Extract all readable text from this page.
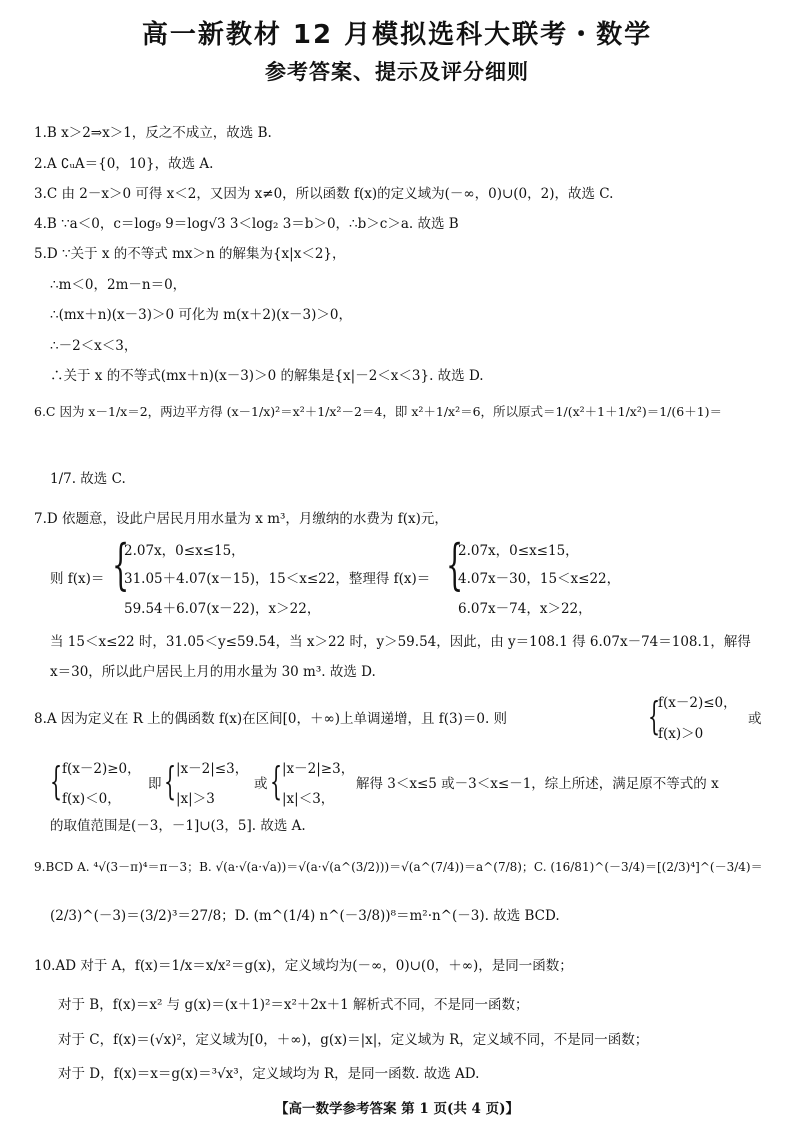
高一新教材 12 月模拟选科大联考・数学
参考答案、提示及评分细则
1.B x＞2⇒x＞1，反之不成立，故选 B.
2.A ∁ᵤA＝{0，10}，故选 A.
3.C 由 2－x＞0 可得 x＜2，又因为 x≠0，所以函数 f(x)的定义域为(－∞，0)∪(0，2)，故选 C.
4.B ∵a＜0，c＝log₉ 9＝log√3 3＜log₂ 3＝b＞0，∴b＞c＞a. 故选 B
5.D ∵关于 x 的不等式 mx＞n 的解集为{x|x＜2}，
∴m＜0，2m－n＝0，
∴(mx＋n)(x－3)＞0 可化为 m(x＋2)(x－3)＞0，
∴－2＜x＜3，
∴关于 x 的不等式(mx＋n)(x－3)＞0 的解集是{x|－2＜x＜3}. 故选 D.
6.C 因为 x－1/x＝2，两边平方得 (x－1/x)²＝x²＋1/x²－2＝4，即 x²＋1/x²＝6，所以原式＝1/(x²＋1＋1/x²)＝1/(6＋1)＝
1/7. 故选 C.
7.D 依题意，设此户居民月用水量为 x m³，月缴纳的水费为 f(x)元，
则 f(x)＝ {
2.07x，0≤x≤15，
31.05＋4.07(x－15)，15＜x≤22，整理得 f(x)＝
59.54＋6.07(x－22)，x＞22，
{
2.07x，0≤x≤15，
4.07x－30，15＜x≤22，
6.07x－74，x＞22，
当 15＜x≤22 时，31.05＜y≤59.54，当 x＞22 时，y＞59.54，因此，由 y＝108.1 得 6.07x－74＝108.1，解得
x＝30，所以此户居民上月的用水量为 30 m³. 故选 D.
8.A 因为定义在 R 上的偶函数 f(x)在区间[0，＋∞)上单调递增，且 f(3)＝0. 则	{
f(x－2)≤0，
f(x)＞0
或
{ f(x－2)≥0，
f(x)＜0，
即 { |x－2|≤3，
|x|＞3
或 { |x－2|≥3，
|x|＜3，
解得 3＜x≤5 或－3＜x≤－1，综上所述，满足原不等式的 x
的取值范围是(－3，－1]∪(3，5]. 故选 A.
9.BCD A. ⁴√(3－π)⁴＝π－3；B. √(a·√(a·√a))＝√(a·√(a^(3/2)))＝√(a^(7/4))＝a^(7/8)；C. (16/81)^(－3/4)＝[(2/3)⁴]^(－3/4)＝
(2/3)^(－3)＝(3/2)³＝27/8；D. (m^(1/4) n^(－3/8))⁸＝m²·n^(－3). 故选 BCD.
10.AD 对于 A，f(x)＝1/x＝x/x²＝g(x)，定义域均为(－∞，0)∪(0，＋∞)，是同一函数；
对于 B，f(x)＝x² 与 g(x)＝(x＋1)²＝x²＋2x＋1 解析式不同，不是同一函数；
对于 C，f(x)＝(√x)²，定义域为[0，＋∞)，g(x)＝|x|，定义域为 R，定义域不同，不是同一函数；
对于 D，f(x)＝x＝g(x)＝³√x³，定义域均为 R，是同一函数. 故选 AD.
【高一数学参考答案 第 1 页(共 4 页)】
